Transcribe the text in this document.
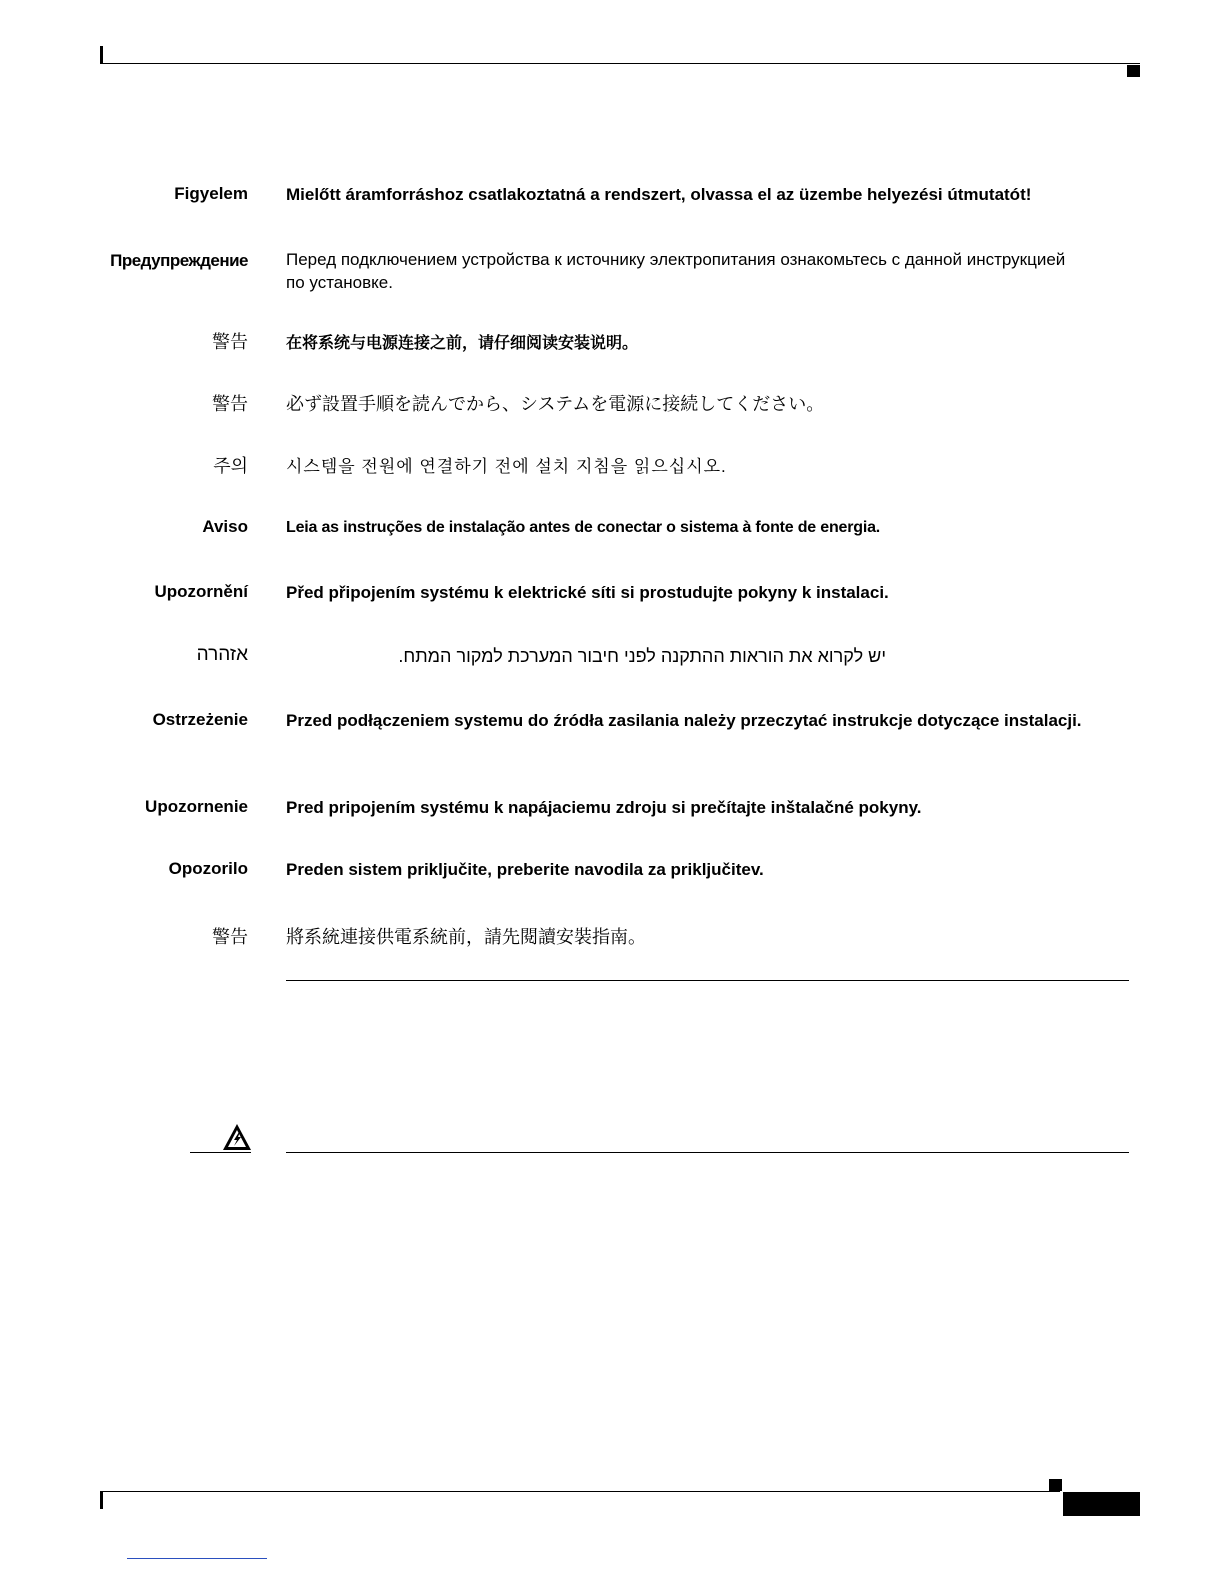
Figyelem Mielőtt áramforráshoz csatlakoztatná a rendszert, olvassa el az üzembe helyezési útmutatót!
Предупреждение Перед подключением устройства к источнику электропитания ознакомьтесь с данной инструкцией по установке.
警告 在将系统与电源连接之前，请仔细阅读安装说明。
警告 必ず設置手順を読んでから、システムを電源に接続してください。
주의 시스템을 전원에 연결하기 전에 설치 지침을 읽으십시오.
Aviso Leia as instruções de instalação antes de conectar o sistema à fonte de energia.
Upozornění Před připojením systému k elektrické síti si prostudujte pokyny k instalaci.
אזהרה	יש לקרוא את הוראות ההתקנה לפני חיבור המערכת למקור המתח.
Ostrzeżenie Przed podłączeniem systemu do źródła zasilania należy przeczytać instrukcje dotyczące instalacji.
Upozornenie Pred pripojením systému k napájaciemu zdroju si prečítajte inštalačné pokyny.
Opozorilo Preden sistem priključite, preberite navodila za priključitev.
警告 將系統連接供電系統前，請先閱讀安裝指南。
